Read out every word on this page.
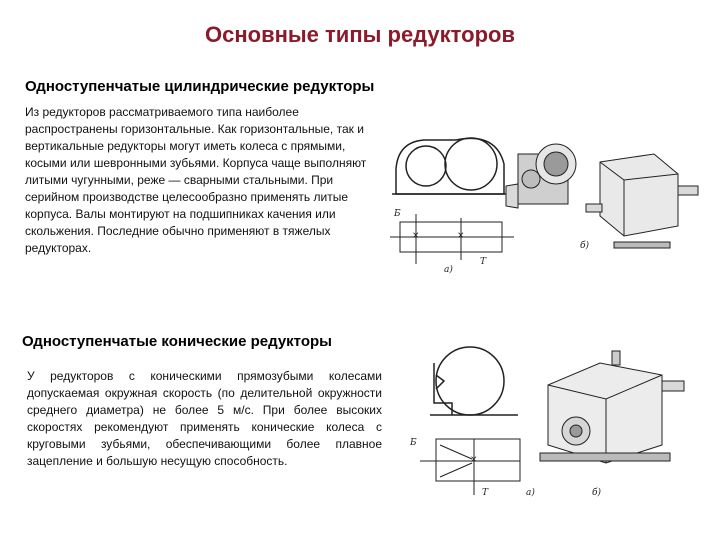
Основные типы редукторов
Одноступенчатые цилиндрические редукторы
Из редукторов рассматриваемого типа наиболее распространены горизонтальные. Как горизонтальные, так и вертикальные редукторы могут иметь колеса с прямыми, косыми или шевронными зубьями. Корпуса чаще выполняют литыми чугунными, реже — сварными стальными. При серийном производстве целесообразно применять литые корпуса. Валы монтируют на подшипниках качения или скольжения. Последние обычно применяют в тяжелых редукторах.
Б
Т
×	×
а)
б)
Одноступенчатые конические редукторы
У редукторов с коническими прямозубыми колесами допускаемая окружная скорость (по делительной окружности среднего диаметра) не более 5 м/с. При более высоких скоростях рекомендуют применять конические колеса с круговыми зубьями, обеспечивающими более плавное зацепление и большую несущую способность.
Б
Т
×
а)	б)
